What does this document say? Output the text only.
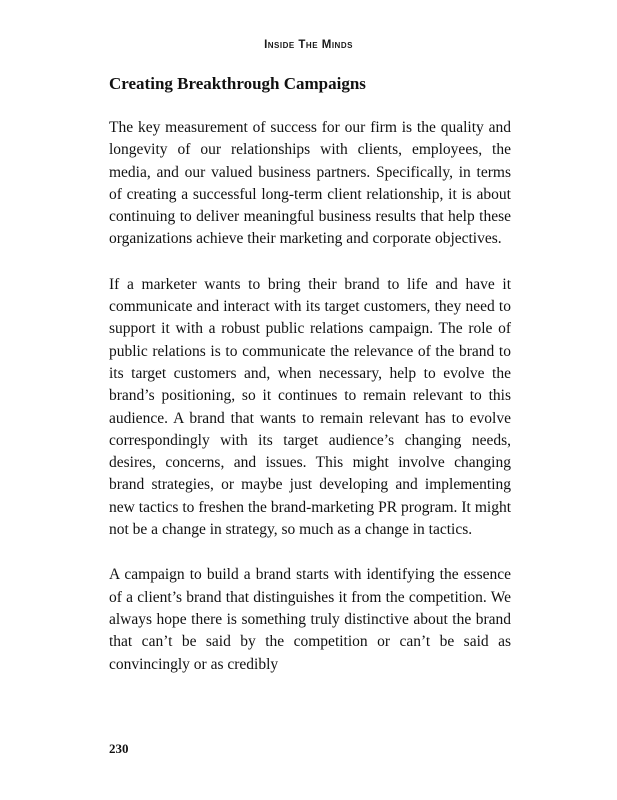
Inside The Minds
Creating Breakthrough Campaigns

The key measurement of success for our firm is the quality and longevity of our relationships with clients, employees, the media, and our valued business partners. Specifically, in terms of creating a successful long-term client relationship, it is about continuing to deliver meaningful business results that help these organizations achieve their marketing and corporate objectives.

If a marketer wants to bring their brand to life and have it communicate and interact with its target customers, they need to support it with a robust public relations campaign. The role of public relations is to communicate the relevance of the brand to its target customers and, when necessary, help to evolve the brand’s positioning, so it continues to remain relevant to this audience. A brand that wants to remain relevant has to evolve correspondingly with its target audience’s changing needs, desires, concerns, and issues. This might involve changing brand strategies, or maybe just developing and implementing new tactics to freshen the brand-marketing PR program. It might not be a change in strategy, so much as a change in tactics.

A campaign to build a brand starts with identifying the essence of a client’s brand that distinguishes it from the competition. We always hope there is something truly distinctive about the brand that can’t be said by the competition or can’t be said as convincingly or as credibly

230
